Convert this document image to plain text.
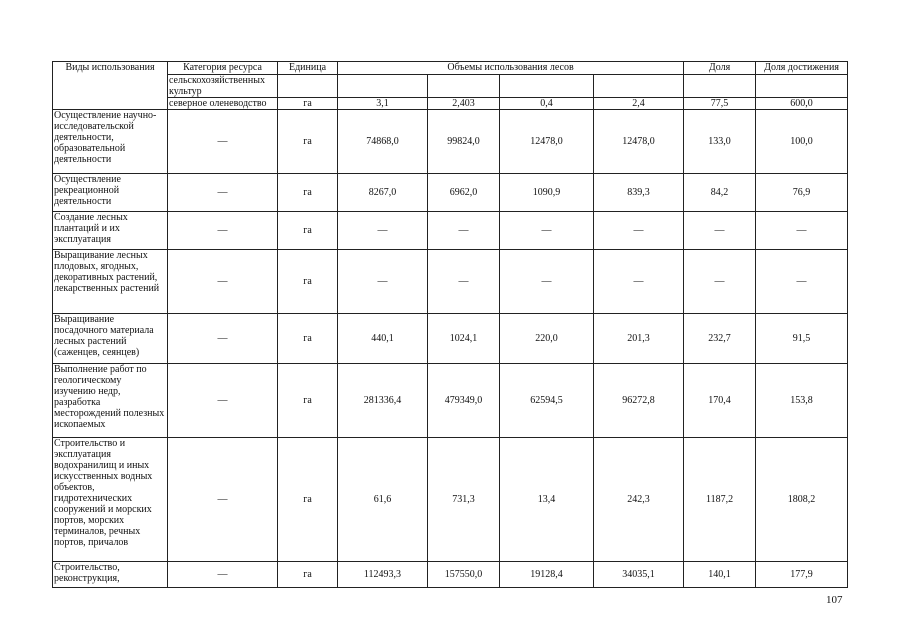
Виды использования	Категория ресурса	Единица	Объемы использования лесов				Доля	Доля достижения
	сельскохозяйственных культур							
	северное оленеводство	га	3,1	2,403	0,4	2,4	77,5	600,0
Осуществление научно-исследовательской деятельности, образовательной деятельности	—	га	74868,0	99824,0	12478,0	12478,0	133,0	100,0
Осуществление рекреационной деятельности	—	га	8267,0	6962,0	1090,9	839,3	84,2	76,9
Создание лесных плантаций и их эксплуатация	—	га	—	—	—	—	—	—
Выращивание лесных плодовых, ягодных, декоративных растений, лекарственных растений	—	га	—	—	—	—	—	—
Выращивание посадочного материала лесных растений (саженцев, сеянцев)	—	га	440,1	1024,1	220,0	201,3	232,7	91,5
Выполнение работ по геологическому изучению недр, разработка месторождений полезных ископаемых	—	га	281336,4	479349,0	62594,5	96272,8	170,4	153,8
Строительство и эксплуатация водохранилищ и иных искусственных водных объектов, гидротехнических сооружений и морских портов, морских терминалов, речных портов, причалов	—	га	61,6	731,3	13,4	242,3	1187,2	1808,2
Строительство, реконструкция,	—	га	112493,3	157550,0	19128,4	34035,1	140,1	177,9
107
